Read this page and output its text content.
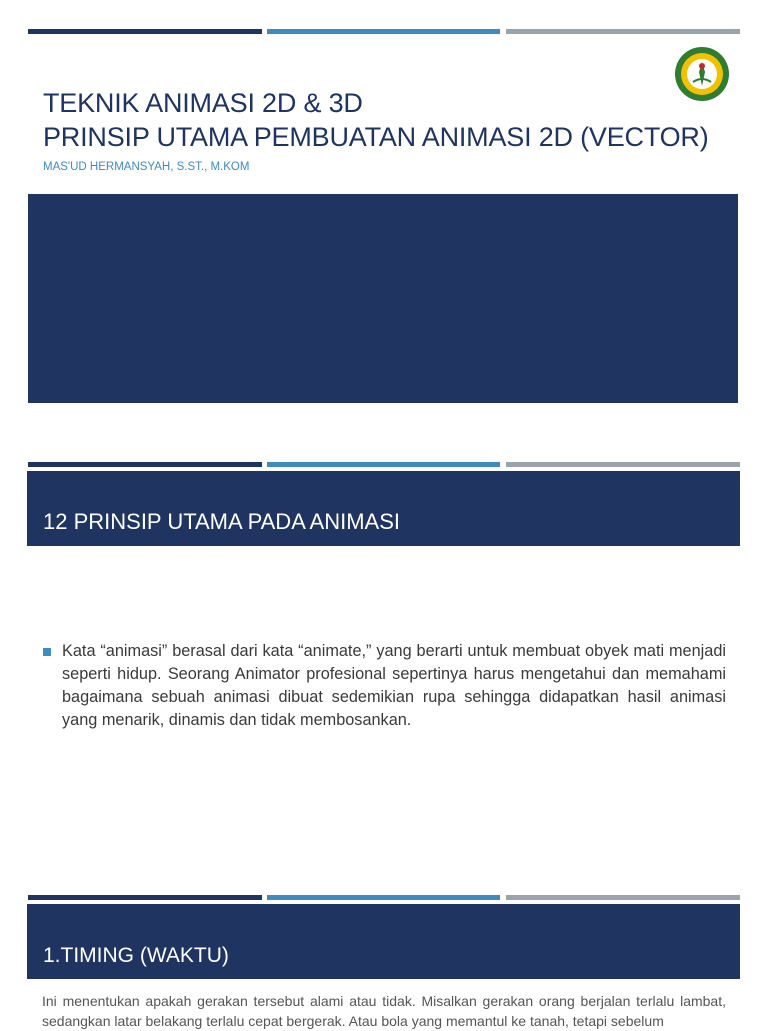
TEKNIK ANIMASI 2D & 3D
PRINSIP UTAMA PEMBUATAN ANIMASI 2D (VECTOR)
MAS'UD HERMANSYAH, S.ST., M.KOM
12 PRINSIP UTAMA PADA ANIMASI
Kata “animasi” berasal dari kata “animate,” yang berarti untuk membuat obyek mati menjadi seperti hidup. Seorang Animator profesional sepertinya harus mengetahui dan memahami bagaimana sebuah animasi dibuat sedemikian rupa sehingga didapatkan hasil animasi yang menarik, dinamis dan tidak membosankan.
1.TIMING (WAKTU)
Ini menentukan apakah gerakan tersebut alami atau tidak. Misalkan gerakan orang berjalan terlalu lambat, sedangkan latar belakang terlalu cepat bergerak. Atau bola yang memantul ke tanah, tetapi sebelum
